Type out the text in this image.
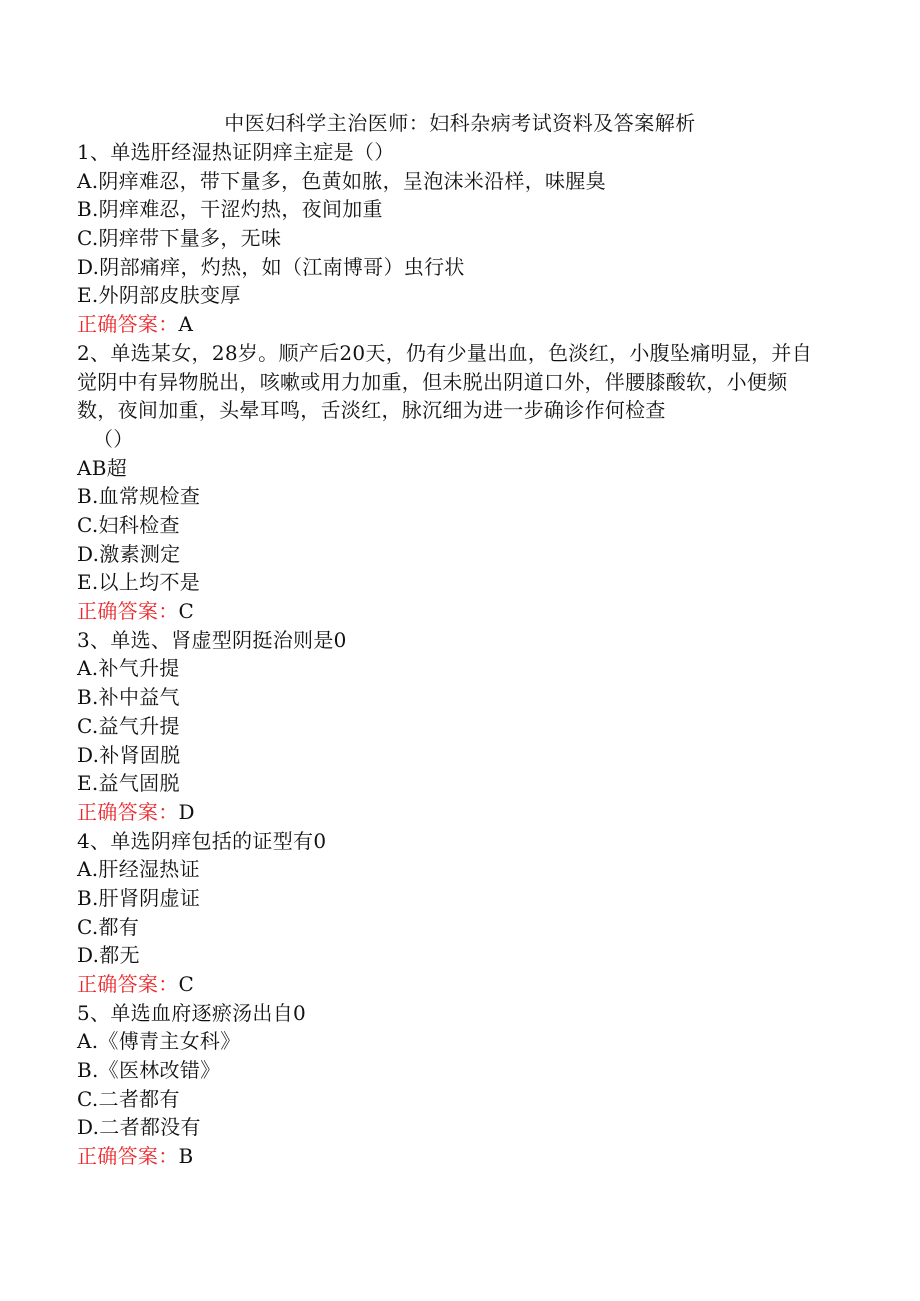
中医妇科学主治医师：妇科杂病考试资料及答案解析
1、单选肝经湿热证阴痒主症是（）
A.阴痒难忍，带下量多，色黄如脓，呈泡沫米沿样，味腥臭
B.阴痒难忍，干涩灼热，夜间加重
C.阴痒带下量多，无味
D.阴部痛痒，灼热，如（江南博哥）虫行状
E.外阴部皮肤变厚
正确答案：A
2、单选某女，28岁。顺产后20天，仍有少量出血，色淡红，小腹坠痛明显，并自觉阴中有异物脱出，咳嗽或用力加重，但未脱出阴道口外，伴腰膝酸软，小便频数，夜间加重，头晕耳鸣，舌淡红，脉沉细为进一步确诊作何检查
（）
AB超
B.血常规检查
C.妇科检查
D.激素测定
E.以上均不是
正确答案：C
3、单选、肾虚型阴挺治则是0
A.补气升提
B.补中益气
C.益气升提
D.补肾固脱
E.益气固脱
正确答案：D
4、单选阴痒包括的证型有0
A.肝经湿热证
B.肝肾阴虚证
C.都有
D.都无
正确答案：C
5、单选血府逐瘀汤出自0
A.《傅青主女科》
B.《医林改错》
C.二者都有
D.二者都没有
正确答案：B
